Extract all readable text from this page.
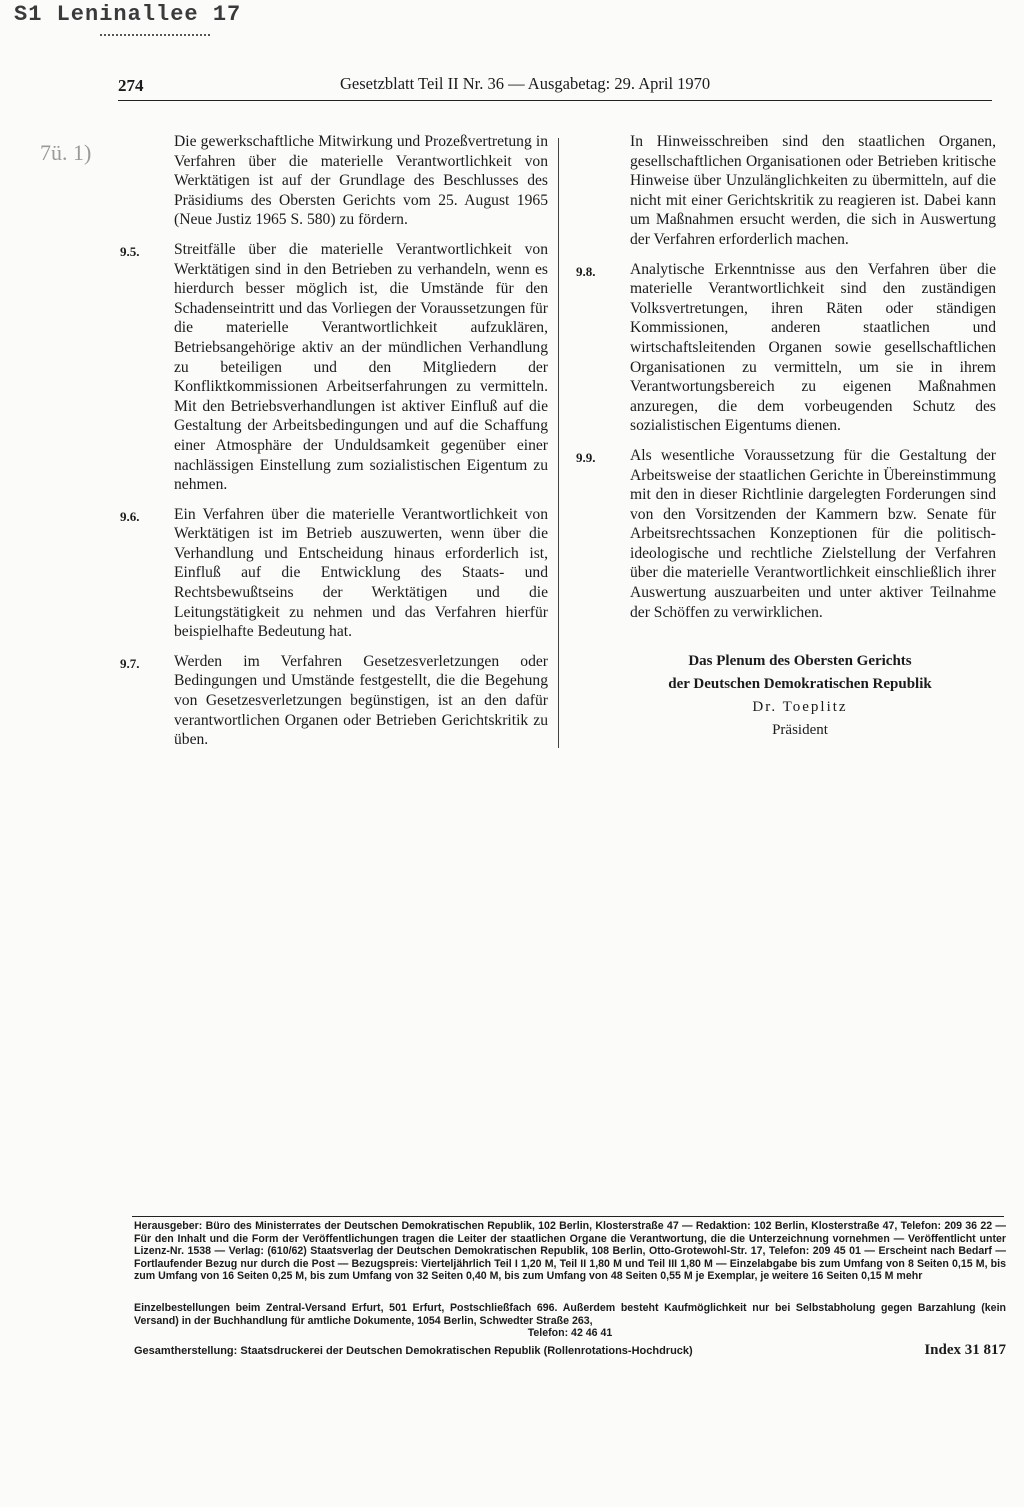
S1 Leninallee 17
7ü. 1)
274	Gesetzblatt Teil II Nr. 36 — Ausgabetag: 29. April 1970
Die gewerkschaftliche Mitwirkung und Prozeßvertretung in Verfahren über die materielle Verantwortlichkeit von Werktätigen ist auf der Grundlage des Beschlusses des Präsidiums des Obersten Gerichts vom 25. August 1965 (Neue Justiz 1965 S. 580) zu fördern.
9.5. Streitfälle über die materielle Verantwortlichkeit von Werktätigen sind in den Betrieben zu verhandeln, wenn es hierdurch besser möglich ist, die Umstände für den Schadenseintritt und das Vorliegen der Voraussetzungen für die materielle Verantwortlichkeit aufzuklären, Betriebsangehörige aktiv an der mündlichen Verhandlung zu beteiligen und den Mitgliedern der Konfliktkommissionen Arbeitserfahrungen zu vermitteln. Mit den Betriebsverhandlungen ist aktiver Einfluß auf die Gestaltung der Arbeitsbedingungen und auf die Schaffung einer Atmosphäre der Unduldsamkeit gegenüber einer nachlässigen Einstellung zum sozialistischen Eigentum zu nehmen.
9.6. Ein Verfahren über die materielle Verantwortlichkeit von Werktätigen ist im Betrieb auszuwerten, wenn über die Verhandlung und Entscheidung hinaus erforderlich ist, Einfluß auf die Entwicklung des Staats- und Rechtsbewußtseins der Werktätigen und die Leitungstätigkeit zu nehmen und das Verfahren hierfür beispielhafte Bedeutung hat.
9.7. Werden im Verfahren Gesetzesverletzungen oder Bedingungen und Umstände festgestellt, die die Begehung von Gesetzesverletzungen begünstigen, ist an den dafür verantwortlichen Organen oder Betrieben Gerichtskritik zu üben.
In Hinweisschreiben sind den staatlichen Organen, gesellschaftlichen Organisationen oder Betrieben kritische Hinweise über Unzulänglichkeiten zu übermitteln, auf die nicht mit einer Gerichtskritik zu reagieren ist. Dabei kann um Maßnahmen ersucht werden, die sich in Auswertung der Verfahren erforderlich machen.
9.8. Analytische Erkenntnisse aus den Verfahren über die materielle Verantwortlichkeit sind den zuständigen Volksvertretungen, ihren Räten oder ständigen Kommissionen, anderen staatlichen und wirtschaftsleitenden Organen sowie gesellschaftlichen Organisationen zu vermitteln, um sie in ihrem Verantwortungsbereich zu eigenen Maßnahmen anzuregen, die dem vorbeugenden Schutz des sozialistischen Eigentums dienen.
9.9. Als wesentliche Voraussetzung für die Gestaltung der Arbeitsweise der staatlichen Gerichte in Übereinstimmung mit den in dieser Richtlinie dargelegten Forderungen sind von den Vorsitzenden der Kammern bzw. Senate für Arbeitsrechtssachen Konzeptionen für die politisch-ideologische und rechtliche Zielstellung der Verfahren über die materielle Verantwortlichkeit einschließlich ihrer Auswertung auszuarbeiten und unter aktiver Teilnahme der Schöffen zu verwirklichen.
Das Plenum des Obersten Gerichts
der Deutschen Demokratischen Republik
Dr. Toeplitz
Präsident
Herausgeber: Büro des Ministerrates der Deutschen Demokratischen Republik, 102 Berlin, Klosterstraße 47 — Redaktion: 102 Berlin, Klosterstraße 47, Telefon: 209 36 22 — Für den Inhalt und die Form der Veröffentlichungen tragen die Leiter der staatlichen Organe die Verantwortung, die die Unterzeichnung vornehmen — Veröffentlicht unter Lizenz-Nr. 1538 — Verlag: (610/62) Staatsverlag der Deutschen Demokratischen Republik, 108 Berlin, Otto-Grotewohl-Str. 17, Telefon: 209 45 01 — Erscheint nach Bedarf — Fortlaufender Bezug nur durch die Post — Bezugspreis: Vierteljährlich Teil I 1,20 M, Teil II 1,80 M und Teil III 1,80 M — Einzelabgabe bis zum Umfang von 8 Seiten 0,15 M, bis zum Umfang von 16 Seiten 0,25 M, bis zum Umfang von 32 Seiten 0,40 M, bis zum Umfang von 48 Seiten 0,55 M je Exemplar, je weitere 16 Seiten 0,15 M mehr
Einzelbestellungen beim Zentral-Versand Erfurt, 501 Erfurt, Postschließfach 696. Außerdem besteht Kaufmöglichkeit nur bei Selbstabholung gegen Barzahlung (kein Versand) in der Buchhandlung für amtliche Dokumente, 1054 Berlin, Schwedter Straße 263,
Telefon: 42 46 41
Gesamtherstellung: Staatsdruckerei der Deutschen Demokratischen Republik (Rollenrotations-Hochdruck)	Index 31 817
